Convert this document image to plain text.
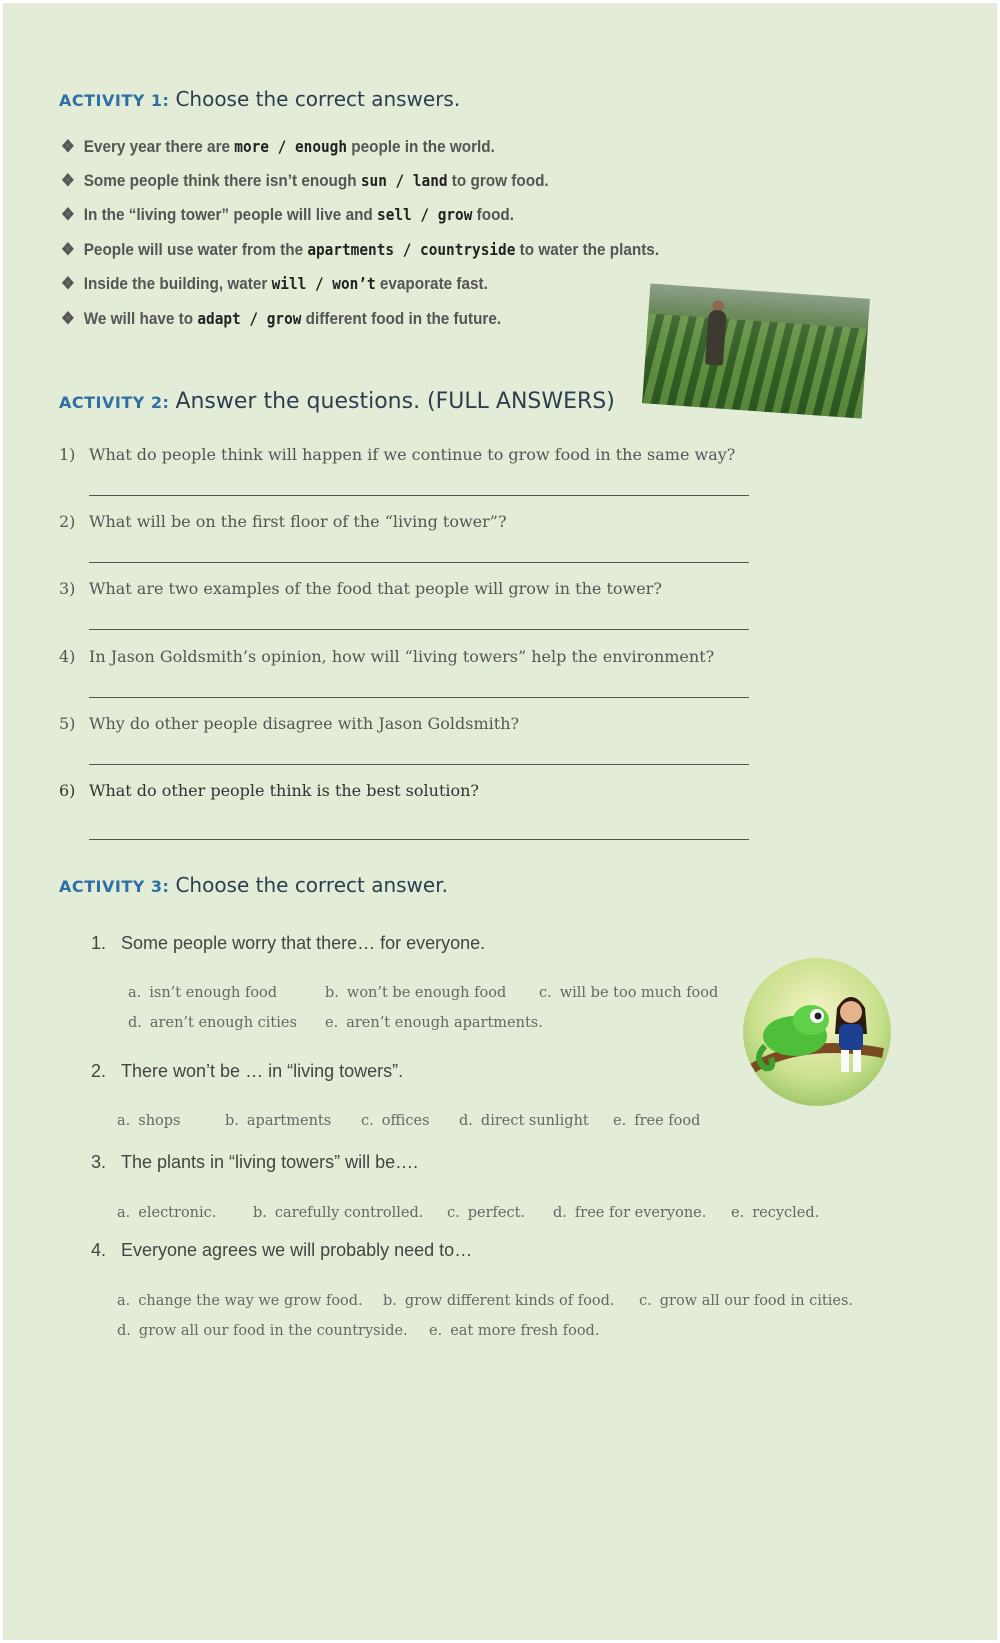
ACTIVITY 1: Choose the correct answers.
❖ Every year there are more / enough people in the world.
❖ Some people think there isn’t enough sun / land to grow food.
❖ In the “living tower” people will live and sell / grow food.
❖ People will use water from the apartments / countryside to water the plants.
❖ Inside the building, water will / won’t evaporate fast.
❖ We will have to adapt / grow different food in the future.
ACTIVITY 2: Answer the questions. (FULL ANSWERS)
1) What do people think will happen if we continue to grow food in the same way?
2) What will be on the first floor of the “living tower”?
3) What are two examples of the food that people will grow in the tower?
4) In Jason Goldsmith’s opinion, how will “living towers” help the environment?
5) Why do other people disagree with Jason Goldsmith?
6) What do other people think is the best solution?
ACTIVITY 3: Choose the correct answer.
1. Some people worry that there… for everyone.
a. isn’t enough food	b. won’t be enough food c. will be too much food
d. aren’t enough cities e. aren’t enough apartments.
2. There won’t be … in “living towers”.
a. shops	b. apartments c. offices d. direct sunlight e. free food
3. The plants in “living towers” will be….
a. electronic.	b. carefully controlled. c. perfect. d. free for everyone. e. recycled.
4. Everyone agrees we will probably need to…
a. change the way we grow food. b. grow different kinds of food. c. grow all our food in cities.
d. grow all our food in the countryside. e. eat more fresh food.
